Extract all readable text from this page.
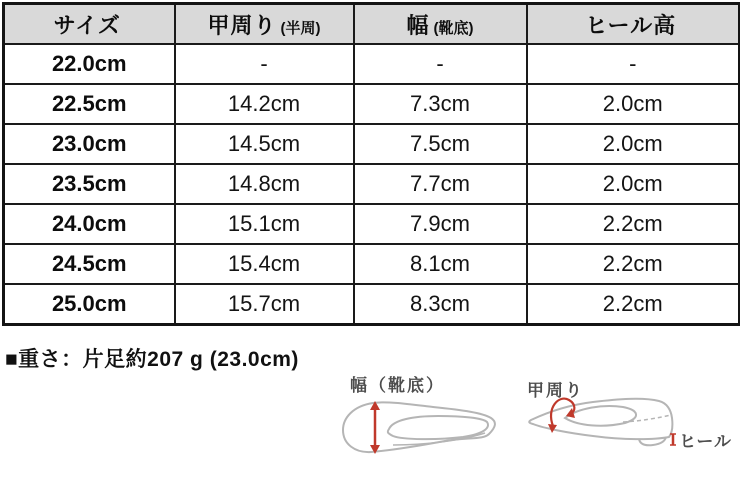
サイズ	甲周り (半周)	幅 (靴底)	ヒール高
22.0cm	-	-	-
22.5cm	14.2cm	7.3cm	2.0cm
23.0cm	14.5cm	7.5cm	2.0cm
23.5cm	14.8cm	7.7cm	2.0cm
24.0cm	15.1cm	7.9cm	2.2cm
24.5cm	15.4cm	8.1cm	2.2cm
25.0cm	15.7cm	8.3cm	2.2cm
■重さ：片足約207 g (23.0cm)
幅（靴底）	甲周り
ヒール
